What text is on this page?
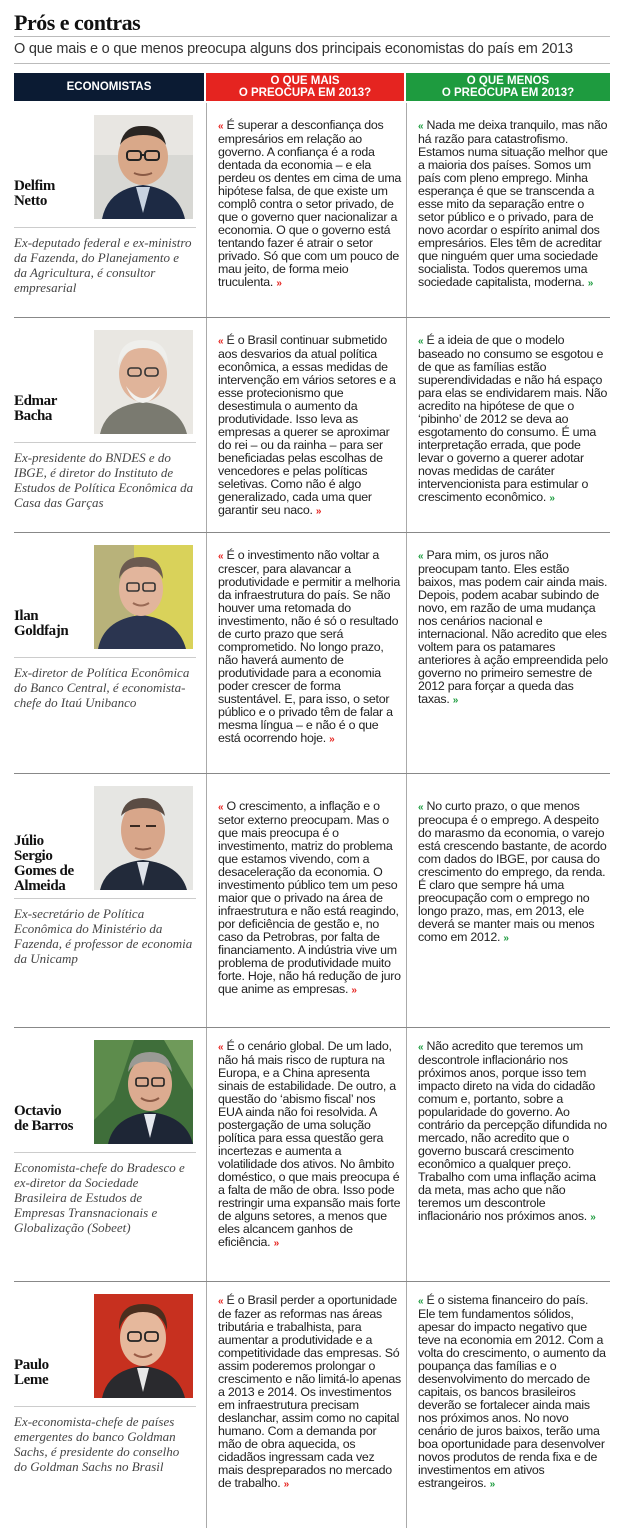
Prós e contras
O que mais e o que menos preocupa alguns dos principais economistas do país em 2013
ECONOMISTAS	O QUE MAIS
O PREOCUPA EM 2013?
O QUE MENOS
O PREOCUPA EM 2013?
Delfim
Netto
Ex-deputado federal e ex-ministro da Fazenda, do Planejamento e da Agricultura, é consultor empresarial
« É superar a desconfiança dos empresários em relação ao governo. A confiança é a roda dentada da economia – e ela perdeu os dentes em cima de uma hipótese falsa, de que existe um complô contra o setor privado, de que o governo quer nacionalizar a economia. O que o governo está tentando fazer é atrair o setor privado. Só que com um pouco de mau jeito, de forma meio truculenta. »
« Nada me deixa tranquilo, mas não há razão para catastrofismo. Estamos numa situação melhor que a maioria dos países. Somos um país com pleno emprego. Minha esperança é que se transcenda a esse mito da separação entre o setor público e o privado, para de novo acordar o espírito animal dos empresários. Eles têm de acreditar que ninguém quer uma sociedade socialista. Todos queremos uma sociedade capitalista, moderna. »
Edmar
Bacha
Ex-presidente do BNDES e do IBGE, é diretor do Instituto de Estudos de Política Econômica da Casa das Garças
« É o Brasil continuar submetido aos desvarios da atual política econômica, a essas medidas de intervenção em vários setores e a esse protecionismo que desestimula o aumento da produtividade. Isso leva as empresas a querer se aproximar do rei – ou da rainha – para ser beneficiadas pelas escolhas de vencedores e pelas políticas seletivas. Como não é algo generalizado, cada uma quer garantir seu naco. »
« É a ideia de que o modelo baseado no consumo se esgotou e de que as famílias estão superendividadas e não há espaço para elas se endividarem mais. Não acredito na hipótese de que o ‘pibinho’ de 2012 se deva ao esgotamento do consumo. É uma interpretação errada, que pode levar o governo a querer adotar novas medidas de caráter intervencionista para estimular o crescimento econômico. »
Ilan
Goldfajn
Ex-diretor de Política Econômica do Banco Central, é economista-chefe do Itaú Unibanco
« É o investimento não voltar a crescer, para alavancar a produtividade e permitir a melhoria da infraestrutura do país. Se não houver uma retomada do investimento, não é só o resultado de curto prazo que será comprometido. No longo prazo, não haverá aumento de produtividade para a economia poder crescer de forma sustentável. E, para isso, o setor público e o privado têm de falar a mesma língua – e não é o que está ocorrendo hoje. »
« Para mim, os juros não preocupam tanto. Eles estão baixos, mas podem cair ainda mais. Depois, podem acabar subindo de novo, em razão de uma mudança nos cenários nacional e internacional. Não acredito que eles voltem para os patamares anteriores à ação empreendida pelo governo no primeiro semestre de 2012 para forçar a queda das taxas. »
Júlio
Sergio
Gomes de
Almeida
Ex-secretário de Política Econômica do Ministério da Fazenda, é professor de economia da Unicamp
« O crescimento, a inflação e o setor externo preocupam. Mas o que mais preocupa é o investimento, matriz do problema que estamos vivendo, com a desaceleração da economia. O investimento público tem um peso maior que o privado na área de infraestrutura e não está reagindo, por deficiência de gestão e, no caso da Petrobras, por falta de financiamento. A indústria vive um problema de produtividade muito forte. Hoje, não há redução de juro que anime as empresas. »
« No curto prazo, o que menos preocupa é o emprego. A despeito do marasmo da economia, o varejo está crescendo bastante, de acordo com dados do IBGE, por causa do crescimento do emprego, da renda. É claro que sempre há uma preocupação com o emprego no longo prazo, mas, em 2013, ele deverá se manter mais ou menos como em 2012. »
Octavio
de Barros
Economista-chefe do Bradesco e ex-diretor da Sociedade Brasileira de Estudos de Empresas Transnacionais e Globalização (Sobeet)
« É o cenário global. De um lado, não há mais risco de ruptura na Europa, e a China apresenta sinais de estabilidade. De outro, a questão do ‘abismo fiscal’ nos EUA ainda não foi resolvida. A postergação de uma solução política para essa questão gera incertezas e aumenta a volatilidade dos ativos. No âmbito doméstico, o que mais preocupa é a falta de mão de obra. Isso pode restringir uma expansão mais forte de alguns setores, a menos que eles alcancem ganhos de eficiência. »
« Não acredito que teremos um descontrole inflacionário nos próximos anos, porque isso tem impacto direto na vida do cidadão comum e, portanto, sobre a popularidade do governo. Ao contrário da percepção difundida no mercado, não acredito que o governo buscará crescimento econômico a qualquer preço. Trabalho com uma inflação acima da meta, mas acho que não teremos um descontrole inflacionário nos próximos anos. »
Paulo
Leme
Ex-economista-chefe de países emergentes do banco Goldman Sachs, é presidente do conselho do Goldman Sachs no Brasil
« É o Brasil perder a oportunidade de fazer as reformas nas áreas tributária e trabalhista, para aumentar a produtividade e a competitividade das empresas. Só assim poderemos prolongar o crescimento e não limitá-lo apenas a 2013 e 2014. Os investimentos em infraestrutura precisam deslanchar, assim como no capital humano. Com a demanda por mão de obra aquecida, os cidadãos ingressam cada vez mais despreparados no mercado de trabalho. »
« É o sistema financeiro do país. Ele tem fundamentos sólidos, apesar do impacto negativo que teve na economia em 2012. Com a volta do crescimento, o aumento da poupança das famílias e o desenvolvimento do mercado de capitais, os bancos brasileiros deverão se fortalecer ainda mais nos próximos anos. No novo cenário de juros baixos, terão uma boa oportunidade para desenvolver novos produtos de renda fixa e de investimentos em ativos estrangeiros. »
